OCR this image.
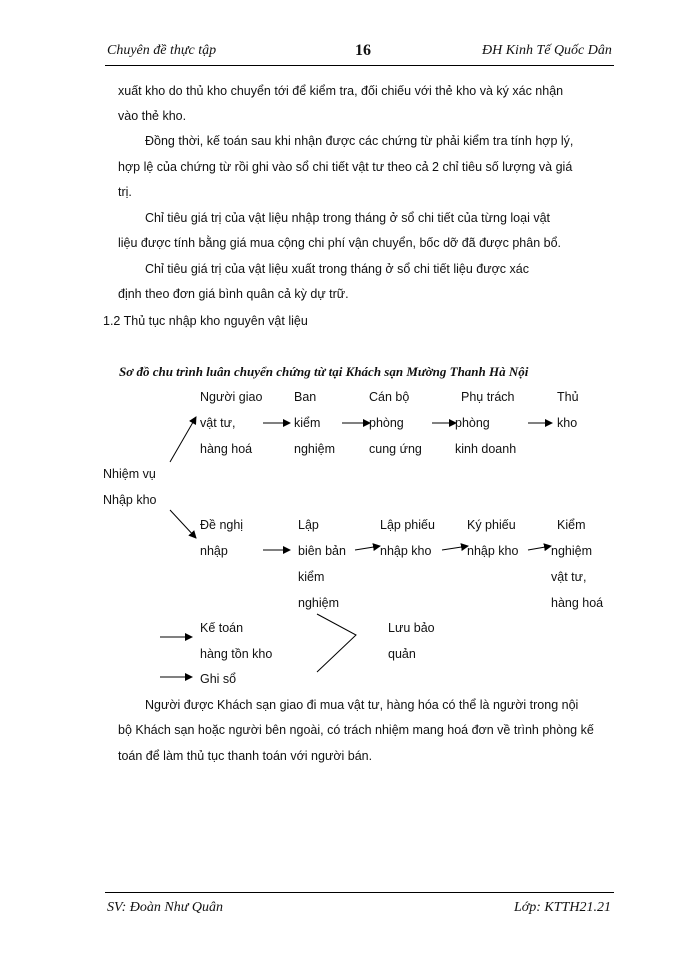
Chuyên đề thực tập	16	ĐH Kinh Tế Quốc Dân
xuất kho do thủ kho chuyển tới để kiểm tra, đối chiếu với thẻ kho và ký xác nhận
vào thẻ kho.
Đồng thời, kế toán sau khi nhận được các chứng từ phải kiểm tra tính hợp lý,
hợp lệ của chứng từ rồi ghi vào sổ chi tiết vật tư theo cả 2 chỉ tiêu số lượng và giá
trị.
Chỉ tiêu giá trị của vật liệu nhập trong tháng ở sổ chi tiết của từng loại vật
liệu được tính bằng giá mua cộng chi phí vận chuyển, bốc dỡ đã được phân bổ.
Chỉ tiêu giá trị của vật liệu xuất trong tháng ở sổ chi tiết liệu được xác
định theo đơn giá bình quân cả kỳ dự trữ.
1.2 Thủ tục nhập kho nguyên vật liệu
Sơ đồ chu trình luân chuyển chứng từ tại Khách sạn Mường Thanh Hà Nội
Nhiệm vụ
Nhập kho
Người giao
vật tư,
hàng hoá
Ban
kiểm
nghiệm
Cán bộ
phòng
cung ứng
Phụ trách
phòng
kinh doanh
Thủ
kho
Đề nghị
nhập
Lập
biên bản
kiểm
nghiệm
Lập phiếu
nhập kho
Ký phiếu
nhập kho
Kiểm
nghiệm
vật tư,
hàng hoá
Kế toán
hàng tồn kho
Ghi sổ
Lưu bảo
quản
Người được Khách sạn giao đi mua vật tư, hàng hóa có thể là người trong nội
bộ Khách sạn hoặc người bên ngoài, có trách nhiệm mang hoá đơn về trình phòng kế
toán để làm thủ tục thanh toán với người bán.
SV: Đoàn Như Quân	Lớp: KTTH21.21
